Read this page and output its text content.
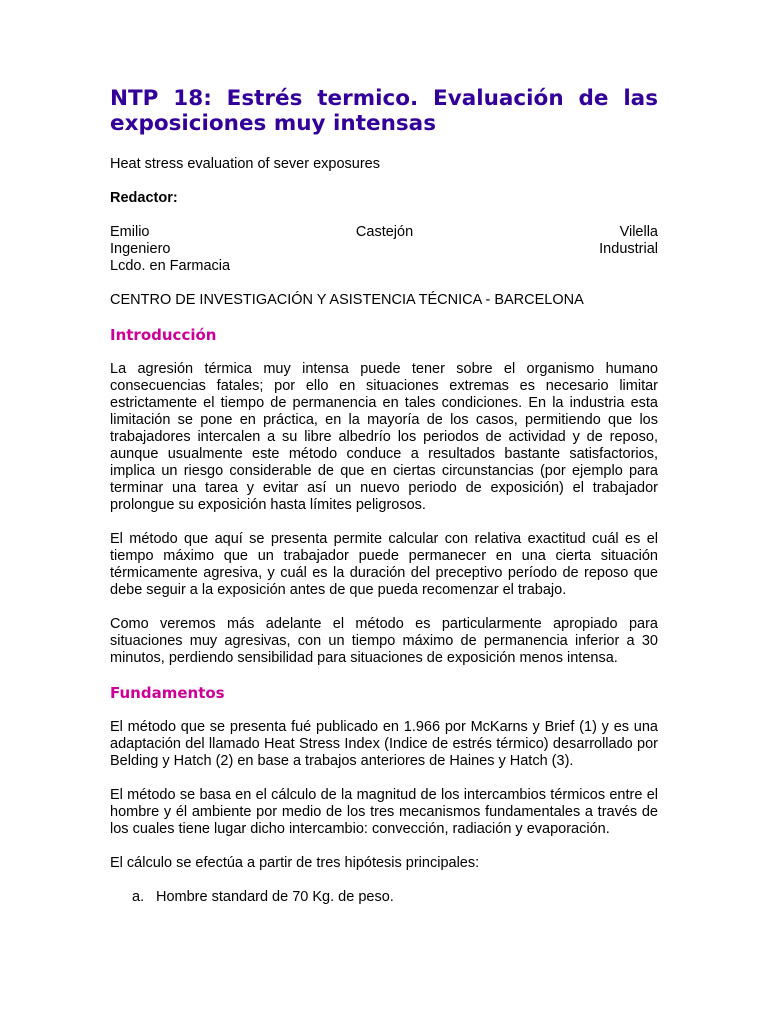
NTP 18: Estrés termico. Evaluación de las exposiciones muy intensas

Heat stress evaluation of sever exposures

Redactor:

Emilio	Castejón	Vilella
Ingeniero	Industrial
Lcdo. en Farmacia

CENTRO DE INVESTIGACIÓN Y ASISTENCIA TÉCNICA - BARCELONA

Introducción

La agresión térmica muy intensa puede tener sobre el organismo humano consecuencias fatales; por ello en situaciones extremas es necesario limitar estrictamente el tiempo de permanencia en tales condiciones. En la industria esta limitación se pone en práctica, en la mayoría de los casos, permitiendo que los trabajadores intercalen a su libre albedrío los periodos de actividad y de reposo, aunque usualmente este método conduce a resultados bastante satisfactorios, implica un riesgo considerable de que en ciertas circunstancias (por ejemplo para terminar una tarea y evitar así un nuevo periodo de exposición) el trabajador prolongue su exposición hasta límites peligrosos.

El método que aquí se presenta permite calcular con relativa exactitud cuál es el tiempo máximo que un trabajador puede permanecer en una cierta situación térmicamente agresiva, y cuál es la duración del preceptivo período de reposo que debe seguir a la exposición antes de que pueda recomenzar el trabajo.

Como veremos más adelante el método es particularmente apropiado para situaciones muy agresivas, con un tiempo máximo de permanencia inferior a 30 minutos, perdiendo sensibilidad para situaciones de exposición menos intensa.

Fundamentos

El método que se presenta fué publicado en 1.966 por McKarns y Brief (1) y es una adaptación del llamado Heat Stress Index (Indice de estrés térmico) desarrollado por Belding y Hatch (2) en base a trabajos anteriores de Haines y Hatch (3).

El método se basa en el cálculo de la magnitud de los intercambios térmicos entre el hombre y él ambiente por medio de los tres mecanismos fundamentales a través de los cuales tiene lugar dicho intercambio: convección, radiación y evaporación.

El cálculo se efectúa a partir de tres hipótesis principales:

a. Hombre standard de 70 Kg. de peso.
